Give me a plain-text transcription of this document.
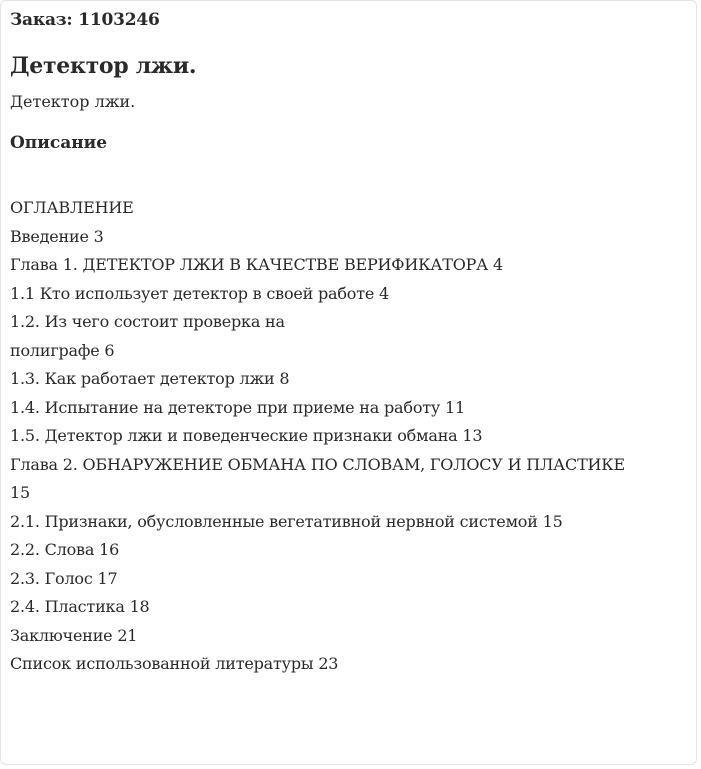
Заказ: 1103246
Детектор лжи.
Детектор лжи.
Описание
ОГЛАВЛЕНИЕ
Введение 3
Глава 1. ДЕТЕКТОР ЛЖИ В КАЧЕСТВЕ ВЕРИФИКАТОРА 4
1.1 Кто использует детектор в своей работе 4
1.2. Из чего состоит проверка на
полиграфе 6
1.3. Как работает детектор лжи 8
1.4. Испытание на детекторе при приеме на работу 11
1.5. Детектор лжи и поведенческие признаки обмана 13
Глава 2. ОБНАРУЖЕНИЕ ОБМАНА ПО СЛОВАМ, ГОЛОСУ И ПЛАСТИКЕ
15
2.1. Признаки, обусловленные вегетативной нервной системой 15
2.2. Слова 16
2.3. Голос 17
2.4. Пластика 18
Заключение 21
Список использованной литературы 23
